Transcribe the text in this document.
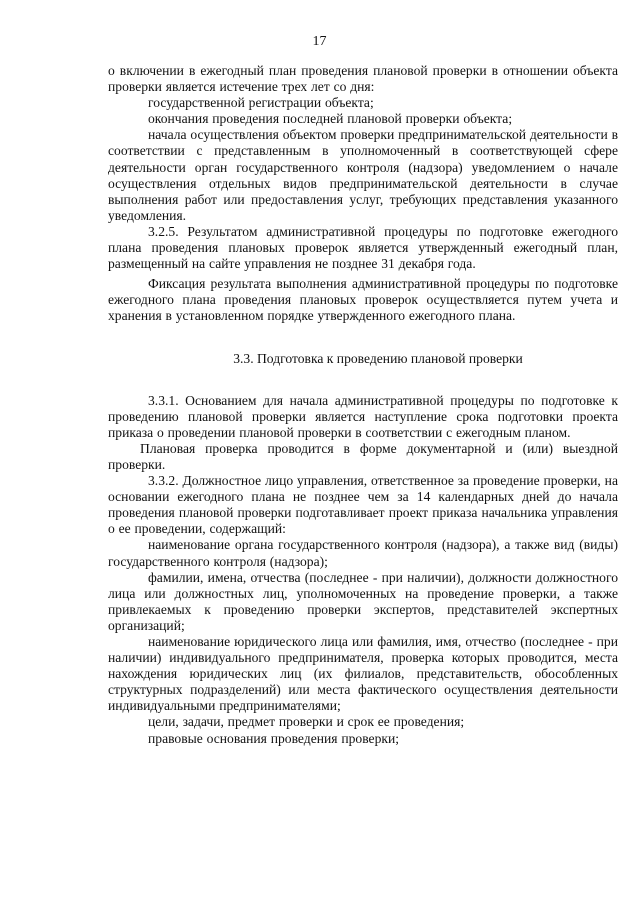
17

о включении в ежегодный план проведения плановой проверки в отношении объекта проверки является истечение трех лет со дня:

государственной регистрации объекта;

окончания проведения последней плановой проверки объекта;

начала осуществления объектом проверки предпринимательской деятельности в соответствии с представленным в уполномоченный в соответствующей сфере деятельности орган государственного контроля (надзора) уведомлением о начале осуществления отдельных видов предпринимательской деятельности в случае выполнения работ или предоставления услуг, требующих представления указанного уведомления.

3.2.5. Результатом административной процедуры по подготовке ежегодного плана проведения плановых проверок является утвержденный ежегодный план, размещенный на сайте управления не позднее 31 декабря года.

Фиксация результата выполнения административной процедуры по подготовке ежегодного плана проведения плановых проверок осуществляется путем учета и хранения в установленном порядке утвержденного ежегодного плана.

3.3. Подготовка к проведению плановой проверки

3.3.1. Основанием для начала административной процедуры по подготовке к проведению плановой проверки является наступление срока подготовки проекта приказа о проведении плановой проверки в соответствии с ежегодным планом.

Плановая проверка проводится в форме документарной и (или) выездной проверки.

3.3.2. Должностное лицо управления, ответственное за проведение проверки, на основании ежегодного плана не позднее чем за 14 календарных дней до начала проведения плановой проверки подготавливает проект приказа начальника управления о ее проведении, содержащий:

наименование органа государственного контроля (надзора), а также вид (виды) государственного контроля (надзора);

фамилии, имена, отчества (последнее - при наличии), должности должностного лица или должностных лиц, уполномоченных на проведение проверки, а также привлекаемых к проведению проверки экспертов, представителей экспертных организаций;

наименование юридического лица или фамилия, имя, отчество (последнее - при наличии) индивидуального предпринимателя, проверка которых проводится, места нахождения юридических лиц (их филиалов, представительств, обособленных структурных подразделений) или места фактического осуществления деятельности индивидуальными предпринимателями;

цели, задачи, предмет проверки и срок ее проведения;

правовые основания проведения проверки;
